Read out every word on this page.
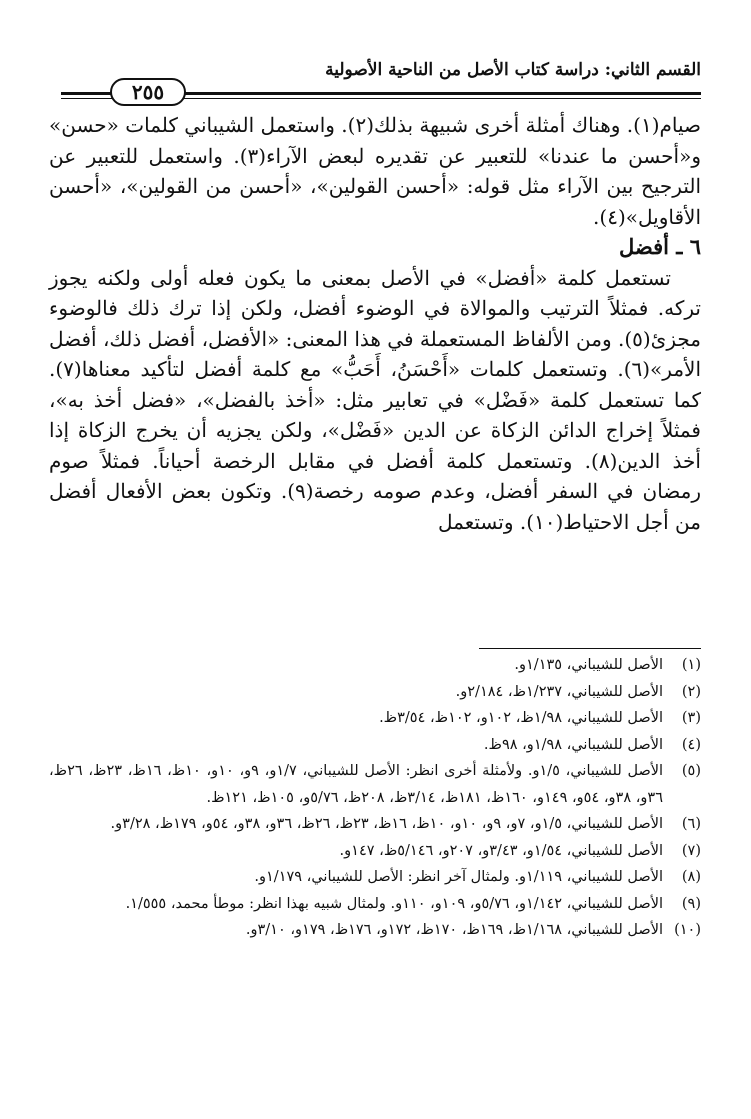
القسم الثاني: دراسة كتاب الأصل من الناحية الأصولية
٢٥٥

صيام(١). وهناك أمثلة أخرى شبيهة بذلك(٢). واستعمل الشيباني كلمات «حسن» و«أحسن ما عندنا» للتعبير عن تقديره لبعض الآراء(٣). واستعمل للتعبير عن الترجيح بين الآراء مثل قوله: «أحسن القولين»، «أحسن من القولين»، «أحسن الأقاويل»(٤).

٦ ـ أفضل

تستعمل كلمة «أفضل» في الأصل بمعنى ما يكون فعله أولى ولكنه يجوز تركه. فمثلاً الترتيب والموالاة في الوضوء أفضل، ولكن إذا ترك ذلك فالوضوء مجزئ(٥). ومن الألفاظ المستعملة في هذا المعنى: «الأفضل، أفضل ذلك، أفضل الأمر»(٦). وتستعمل كلمات «أَحْسَنُ، أَحَبُّ» مع كلمة أفضل لتأكيد معناها(٧). كما تستعمل كلمة «فَضْل» في تعابير مثل: «أخذ بالفضل»، «فضل أخذ به»، فمثلاً إخراج الدائن الزكاة عن الدين «فَضْل»، ولكن يجزيه أن يخرج الزكاة إذا أخذ الدين(٨). وتستعمل كلمة أفضل في مقابل الرخصة أحياناً. فمثلاً صوم رمضان في السفر أفضل، وعدم صومه رخصة(٩). وتكون بعض الأفعال أفضل من أجل الاحتياط(١٠). وتستعمل

(١)
الأصل للشيباني، ١/١٣٥و.
(٢)
الأصل للشيباني، ١/٢٣٧ظ، ٢/١٨٤و.
(٣)
الأصل للشيباني، ١/٩٨ظ، ١٠٢و، ١٠٢ظ، ٣/٥٤ظ.
(٤)
الأصل للشيباني، ١/٩٨و، ٩٨ظ.
(٥)
الأصل للشيباني، ١/٥و. ولأمثلة أخرى انظر: الأصل للشيباني، ١/٧و، ٩و، ١٠و، ١٠ظ، ١٦ظ، ٢٣ظ، ٢٦ظ، ٣٦و، ٣٨و، ٥٤و، ١٤٩و، ١٦٠ظ، ١٨١ظ، ٣/١٤ظ، ٢٠٨ظ، ٥/٧٦و، ١٠٥ظ، ١٢١ظ.
(٦)
الأصل للشيباني، ١/٥و، ٧و، ٩و، ١٠و، ١٠ظ، ١٦ظ، ٢٣ظ، ٢٦ظ، ٣٦و، ٣٨و، ٥٤و، ١٧٩ظ، ٣/٢٨و.
(٧)
الأصل للشيباني، ١/٥٤و، ٣/٤٣و، ٢٠٧و، ٥/١٤٦ظ، ١٤٧و.
(٨)
الأصل للشيباني، ١/١١٩و. ولمثال آخر انظر: الأصل للشيباني، ١/١٧٩و.
(٩)
الأصل للشيباني، ١/١٤٢و، ٥/٧٦و، ١٠٩و، ١١٠و. ولمثال شبيه بهذا انظر: موطأ محمد، ١/٥٥٥.
(١٠)
الأصل للشيباني، ١/١٦٨ظ، ١٦٩ظ، ١٧٠ظ، ١٧٢و، ١٧٦ظ، ١٧٩و، ٣/١٠و.
